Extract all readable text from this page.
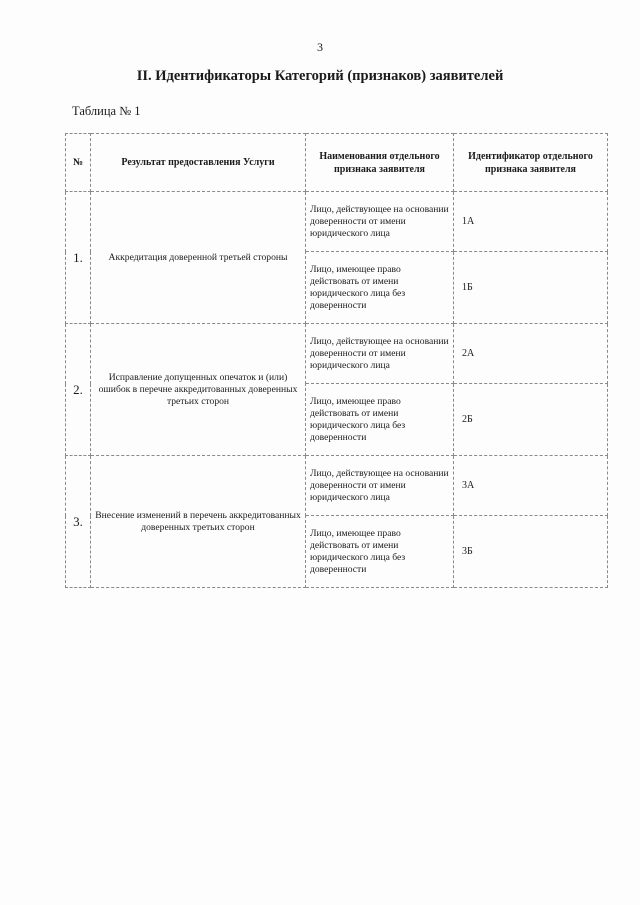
3
II. Идентификаторы Категорий (признаков) заявителей
Таблица № 1
№	Результат предоставления Услуги	Наименования отдельного признака заявителя	Идентификатор отдельного признака заявителя
1.	Аккредитация доверенной третьей стороны	Лицо, действующее на основании доверенности от имени юридического лица	1А
		Лицо, имеющее право действовать от имени юридического лица без доверенности	1Б
2.	Исправление допущенных опечаток и (или) ошибок в перечне аккредитованных доверенных третьих сторон	Лицо, действующее на основании доверенности от имени юридического лица	2А
		Лицо, имеющее право действовать от имени юридического лица без доверенности	2Б
3.	Внесение изменений в перечень аккредитованных доверенных третьих сторон	Лицо, действующее на основании доверенности от имени юридического лица	3А
		Лицо, имеющее право действовать от имени юридического лица без доверенности	3Б
